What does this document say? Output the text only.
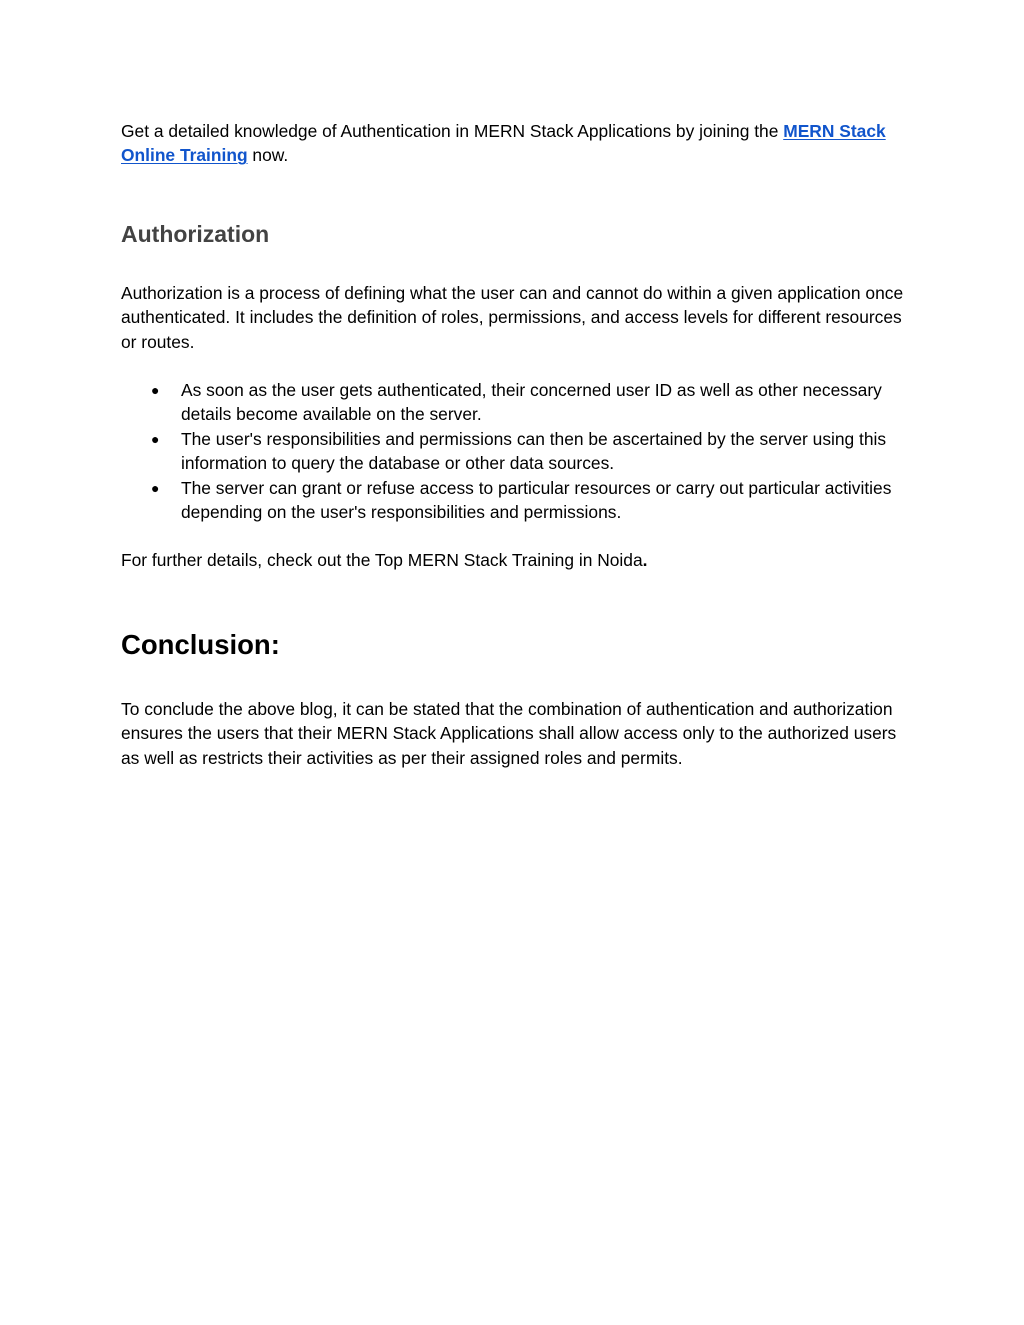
Get a detailed knowledge of Authentication in MERN Stack Applications by joining the MERN Stack Online Training now.

Authorization

Authorization is a process of defining what the user can and cannot do within a given application once authenticated. It includes the definition of roles, permissions, and access levels for different resources or routes.

● As soon as the user gets authenticated, their concerned user ID as well as other necessary details become available on the server.
● The user's responsibilities and permissions can then be ascertained by the server using this information to query the database or other data sources.
● The server can grant or refuse access to particular resources or carry out particular activities depending on the user's responsibilities and permissions.

For further details, check out the Top MERN Stack Training in Noida.

Conclusion:

To conclude the above blog, it can be stated that the combination of authentication and authorization ensures the users that their MERN Stack Applications shall allow access only to the authorized users as well as restricts their activities as per their assigned roles and permits.
